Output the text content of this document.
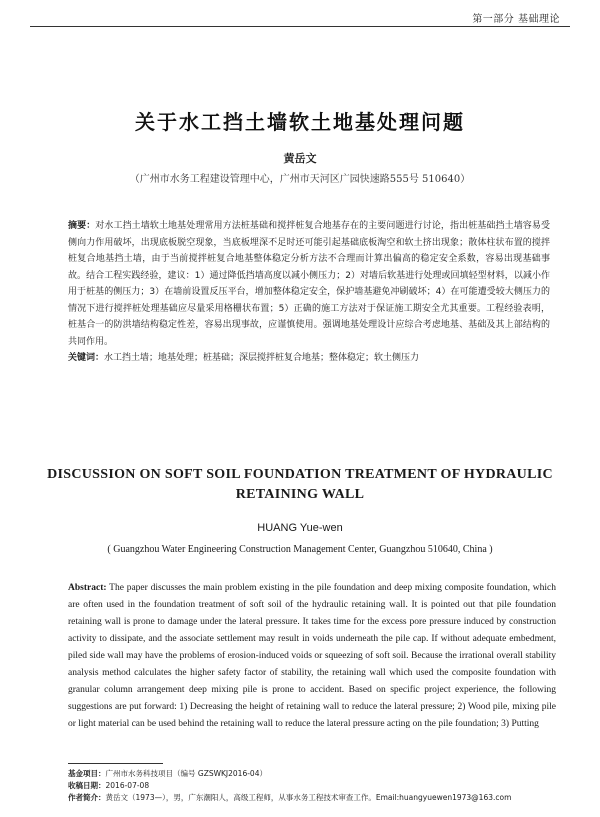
第一部分 基础理论
关于水工挡土墙软土地基处理问题
黄岳文
（广州市水务工程建设管理中心，广州市天河区广园快速路555号 510640）
摘要：对水工挡土墙软土地基处理常用方法桩基础和搅拌桩复合地基存在的主要问题进行讨论，指出桩基础挡土墙容易受侧向力作用破坏，出现底板脱空现象，当底板埋深不足时还可能引起基础底板淘空和软土挤出现象；散体柱状布置的搅拌桩复合地基挡土墙，由于当前搅拌桩复合地基整体稳定分析方法不合理而计算出偏高的稳定安全系数，容易出现基础事故。结合工程实践经验，建议：1）通过降低挡墙高度以减小侧压力；2）对墙后软基进行处理或回填轻型材料，以减小作用于桩基的侧压力；3）在墙前设置反压平台，增加整体稳定安全，保护墙基避免冲刷破坏；4）在可能遭受较大侧压力的情况下进行搅拌桩处理基础应尽量采用格栅状布置；5）正确的施工方法对于保证施工期安全尤其重要。工程经验表明，桩基合一的防洪墙结构稳定性差，容易出现事故，应谨慎使用。强调地基处理设计应综合考虑地基、基础及其上部结构的共同作用。
关键词：水工挡土墙；地基处理；桩基础；深层搅拌桩复合地基；整体稳定；软土侧压力
DISCUSSION ON SOFT SOIL FOUNDATION TREATMENT OF HYDRAULIC RETAINING WALL
HUANG Yue-wen
( Guangzhou Water Engineering Construction Management Center, Guangzhou 510640, China )
Abstract: The paper discusses the main problem existing in the pile foundation and deep mixing composite foundation, which are often used in the foundation treatment of soft soil of the hydraulic retaining wall. It is pointed out that pile foundation retaining wall is prone to damage under the lateral pressure. It takes time for the excess pore pressure induced by construction activity to dissipate, and the associate settlement may result in voids underneath the pile cap. If without adequate embedment, piled side wall may have the problems of erosion-induced voids or squeezing of soft soil. Because the irrational overall stability analysis method calculates the higher safety factor of stability, the retaining wall which used the composite foundation with granular column arrangement deep mixing pile is prone to accident. Based on specific project experience, the following suggestions are put forward: 1) Decreasing the height of retaining wall to reduce the lateral pressure; 2) Wood pile, mixing pile or light material can be used behind the retaining wall to reduce the lateral pressure acting on the pile foundation; 3) Putting
基金项目：广州市水务科技项目（编号 GZSWKJ2016-04）
收稿日期：2016-07-08
作者简介：黄岳文（1973—），男，广东潮阳人，高级工程师，从事水务工程技术审查工作。Email:huangyuewen1973@163.com
